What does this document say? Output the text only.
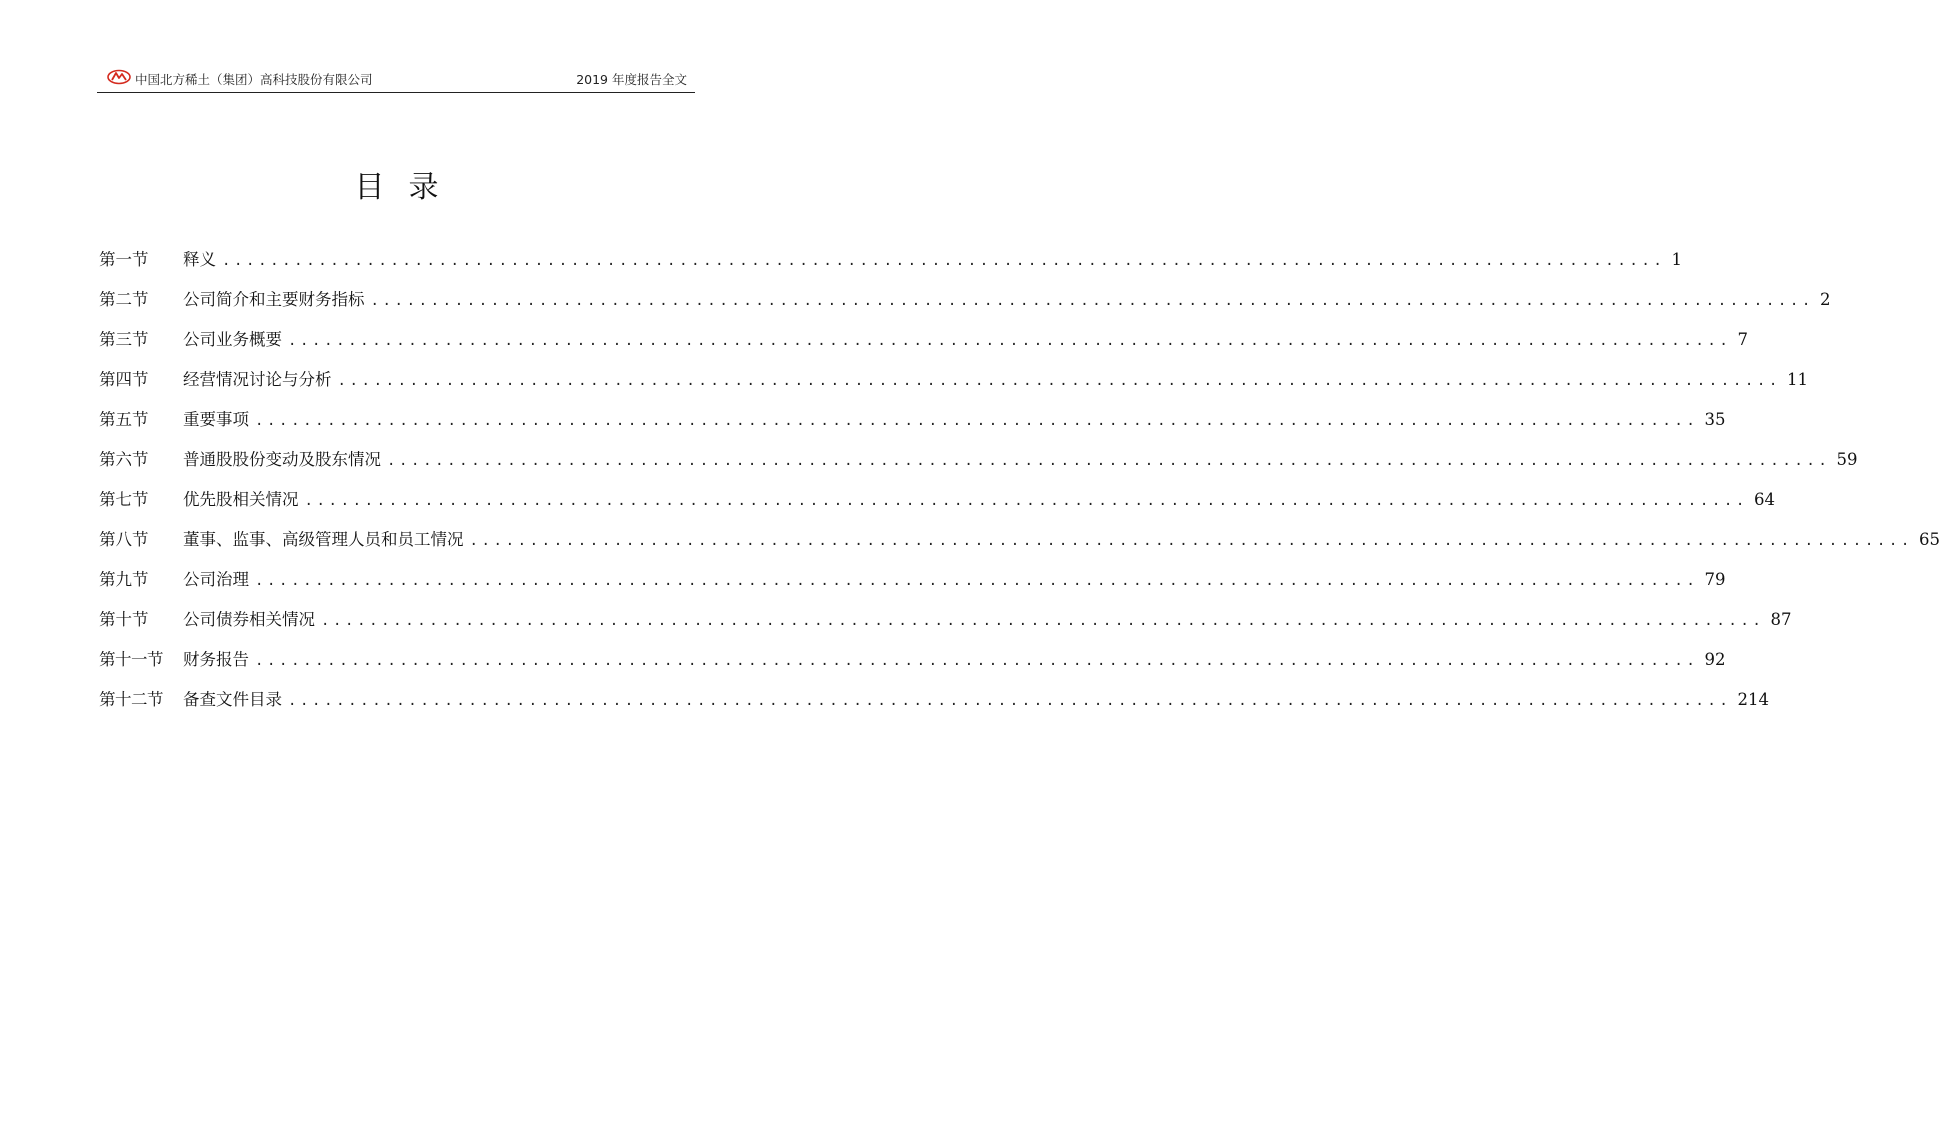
中国北方稀土（集团）高科技股份有限公司	2019 年度报告全文
目录
第一节	释义 ........................................................................................................................ 1
第二节	公司简介和主要财务指标 ........................................................................................................................ 2
第三节	公司业务概要 ........................................................................................................................ 7
第四节	经营情况讨论与分析 ........................................................................................................................ 11
第五节	重要事项 ........................................................................................................................ 35
第六节	普通股股份变动及股东情况 ........................................................................................................................ 59
第七节	优先股相关情况 ........................................................................................................................ 64
第八节	董事、监事、高级管理人员和员工情况 ........................................................................................................................ 65
第九节	公司治理 ........................................................................................................................ 79
第十节	公司债券相关情况 ........................................................................................................................ 87
第十一节	财务报告 ........................................................................................................................ 92
第十二节	备查文件目录 ........................................................................................................................ 214
